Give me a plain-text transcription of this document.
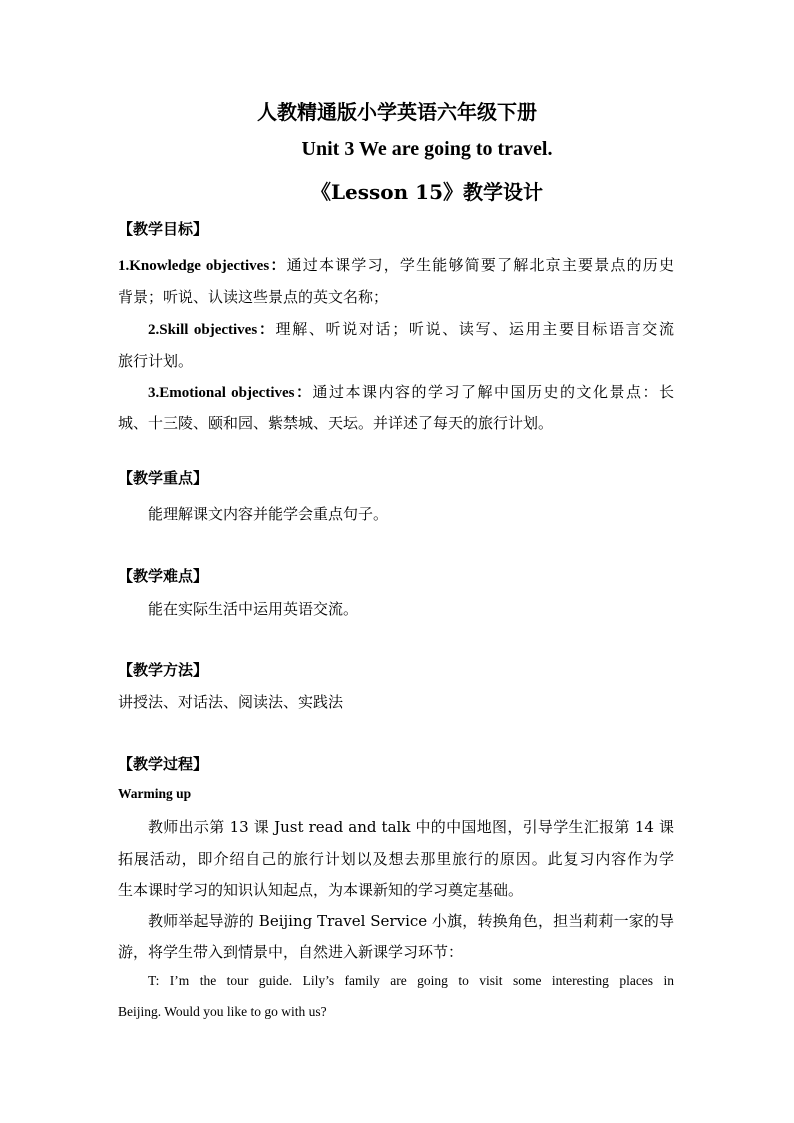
人教精通版小学英语六年级下册
Unit 3 We are going to travel.
《Lesson 15》教学设计
【教学目标】
1.Knowledge objectives：通过本课学习，学生能够简要了解北京主要景点的历史
背景；听说、认读这些景点的英文名称；
2.Skill objectives：理解、听说对话；听说、读写、运用主要目标语言交流
旅行计划。
3.Emotional objectives：通过本课内容的学习了解中国历史的文化景点：长
城、十三陵、颐和园、紫禁城、天坛。并详述了每天的旅行计划。
【教学重点】
能理解课文内容并能学会重点句子。
【教学难点】
能在实际生活中运用英语交流。
【教学方法】
讲授法、对话法、阅读法、实践法
【教学过程】
Warming up
教师出示第 13 课 Just read and talk 中的中国地图，引导学生汇报第 14 课
拓展活动，即介绍自己的旅行计划以及想去那里旅行的原因。此复习内容作为学
生本课时学习的知识认知起点，为本课新知的学习奠定基础。
教师举起导游的 Beijing Travel Service 小旗，转换角色，担当莉莉一家的导
游，将学生带入到情景中，自然进入新课学习环节：
T: I’m the tour guide. Lily’s family are going to visit some interesting places in
Beijing. Would you like to go with us?
